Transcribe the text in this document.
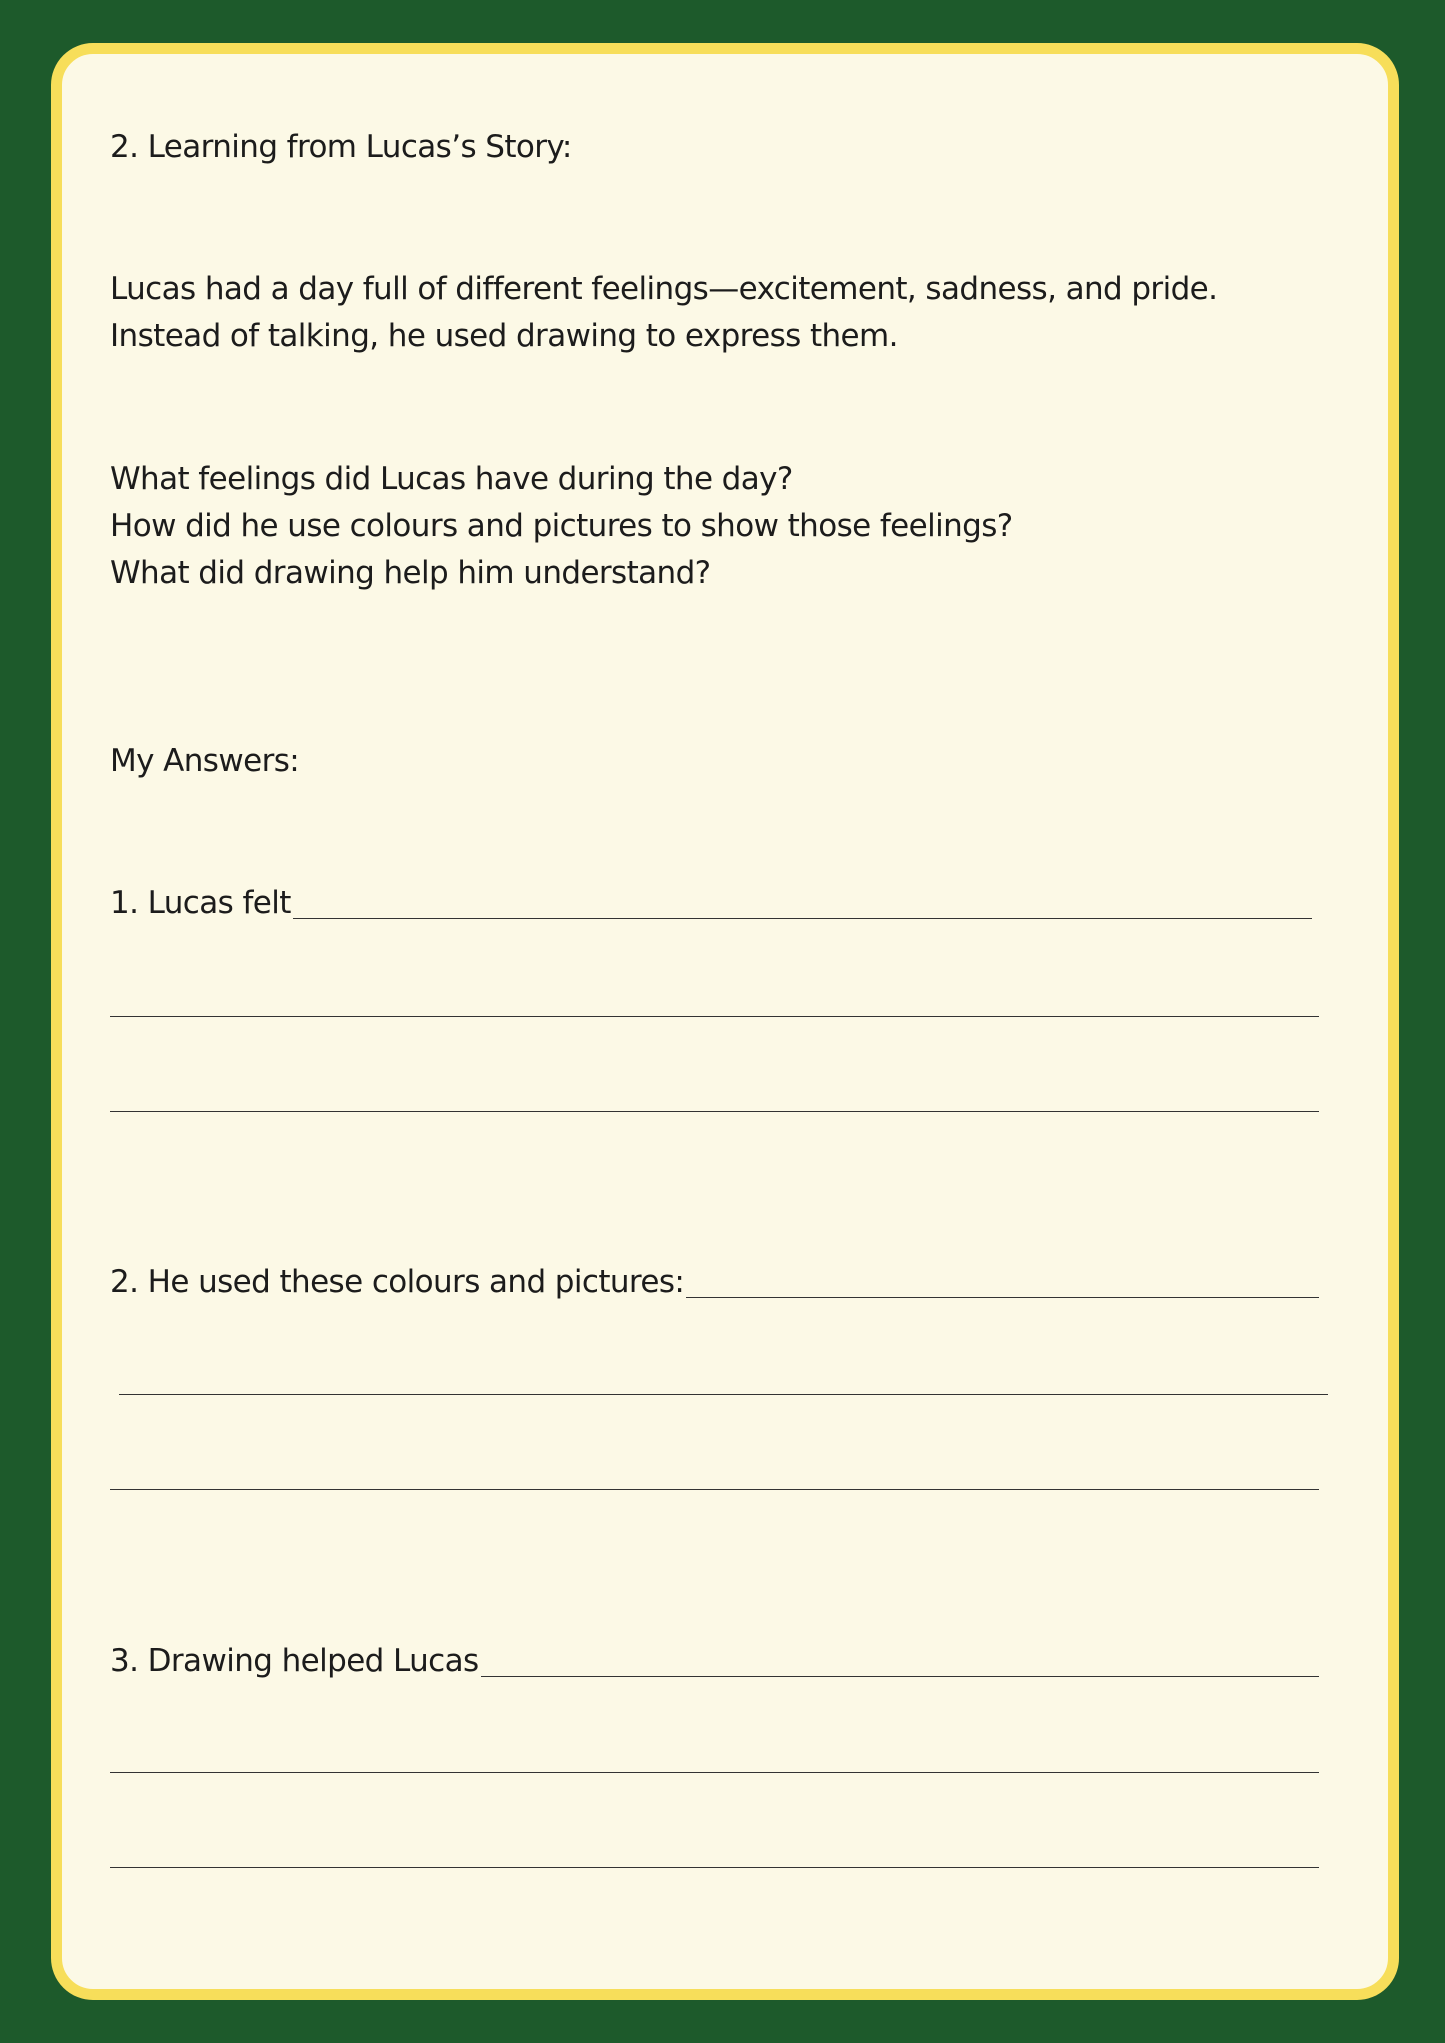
2. Learning from Lucas’s Story:

Lucas had a day full of different feelings—excitement, sadness, and pride.

Instead of talking, he used drawing to express them.

What feelings did Lucas have during the day?

How did he use colours and pictures to show those feelings?

What did drawing help him understand?

My Answers:
1. Lucas felt
2. He used these colours and pictures:
3. Drawing helped Lucas
